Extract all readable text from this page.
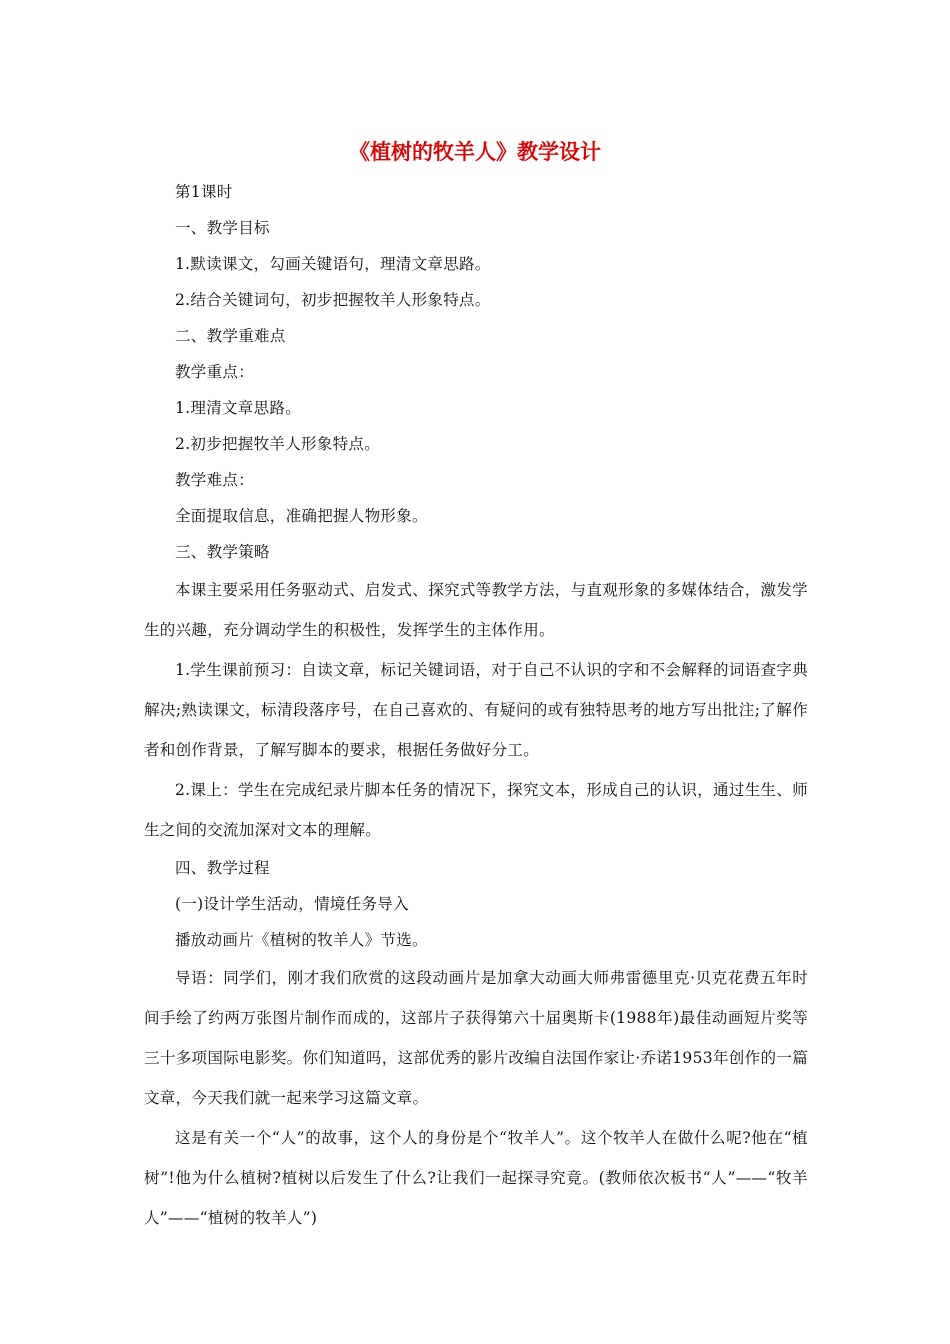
《植树的牧羊人》教学设计

第1课时

一、教学目标

1.默读课文，勾画关键语句，理清文章思路。

2.结合关键词句，初步把握牧羊人形象特点。

二、教学重难点

教学重点：

1.理清文章思路。

2.初步把握牧羊人形象特点。

教学难点：

全面提取信息，准确把握人物形象。

三、教学策略

本课主要采用任务驱动式、启发式、探究式等教学方法，与直观形象的多媒体结合，激发学生的兴趣，充分调动学生的积极性，发挥学生的主体作用。

1.学生课前预习：自读文章，标记关键词语，对于自己不认识的字和不会解释的词语查字典解决;熟读课文，标清段落序号，在自己喜欢的、有疑问的或有独特思考的地方写出批注;了解作者和创作背景，了解写脚本的要求，根据任务做好分工。

2.课上：学生在完成纪录片脚本任务的情况下，探究文本，形成自己的认识，通过生生、师生之间的交流加深对文本的理解。

四、教学过程

(一)设计学生活动，情境任务导入

播放动画片《植树的牧羊人》节选。

导语：同学们，刚才我们欣赏的这段动画片是加拿大动画大师弗雷德里克·贝克花费五年时间手绘了约两万张图片制作而成的，这部片子获得第六十届奥斯卡(1988年)最佳动画短片奖等三十多项国际电影奖。你们知道吗，这部优秀的影片改编自法国作家让·乔诺1953年创作的一篇文章，今天我们就一起来学习这篇文章。

这是有关一个“人”的故事，这个人的身份是个“牧羊人”。这个牧羊人在做什么呢?他在“植树”!他为什么植树?植树以后发生了什么?让我们一起探寻究竟。(教师依次板书“人”——“牧羊人”——“植树的牧羊人”)
